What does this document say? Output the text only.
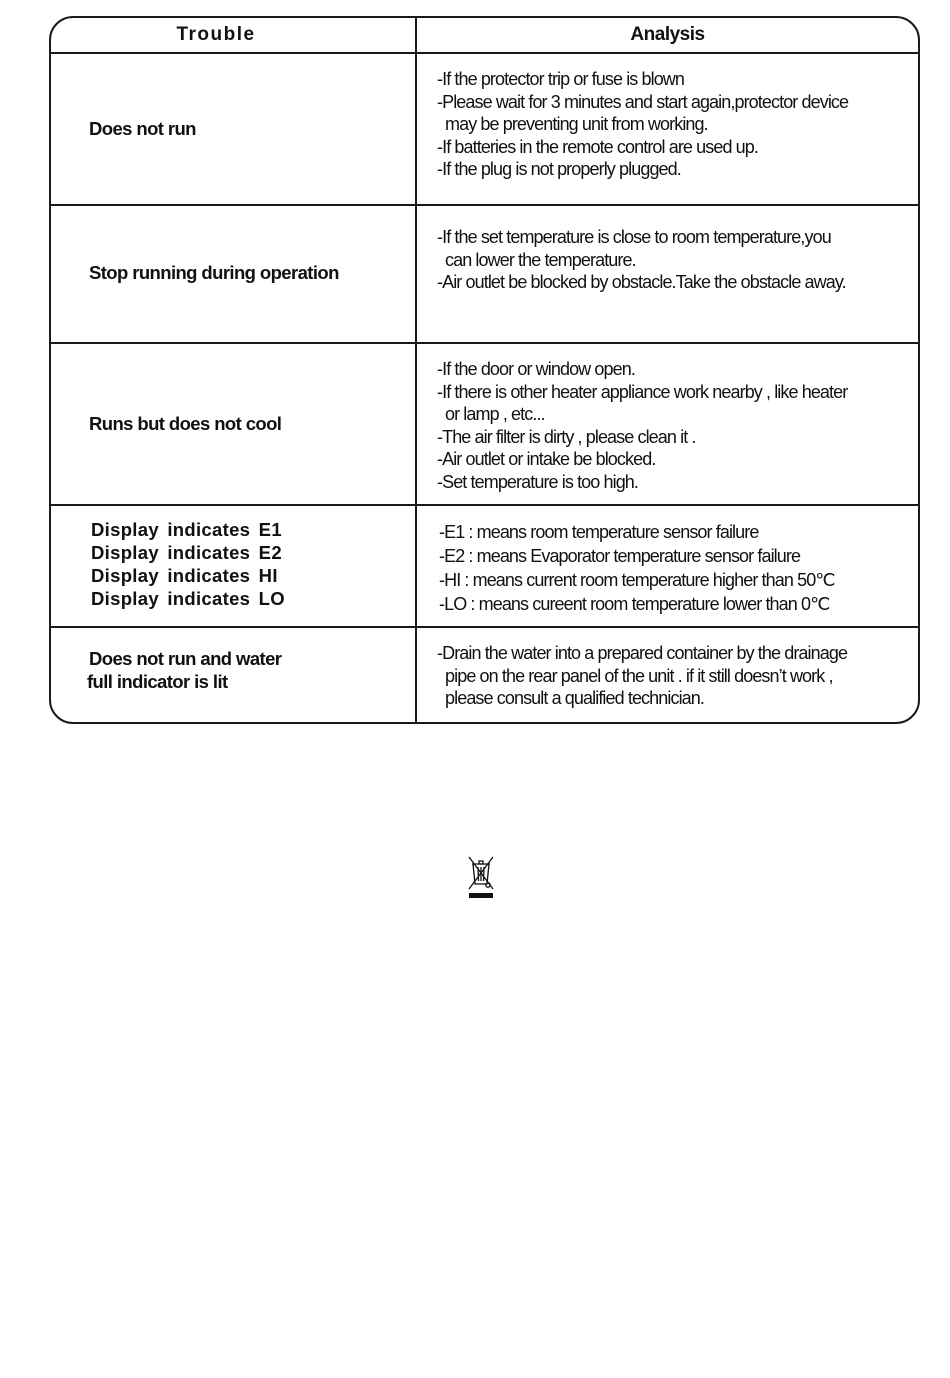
Trouble	Analysis
Does not run
-If the protector trip or fuse is blown
-Please wait for 3 minutes and start again,protector device
may be preventing unit from working.
-If batteries in the remote control are used up.
-If the plug is not properly plugged.
Stop running during operation
-If the set temperature is close to room temperature,you
can lower the temperature.
-Air outlet be blocked by obstacle.Take the obstacle away.
Runs but does not cool
-If the door or window open.
-If there is other heater appliance work nearby , like heater
or lamp , etc...
-The air filter is dirty , please clean it .
-Air outlet or intake be blocked.
-Set temperature is too high.
Display indicates E1
Display indicates E2
Display indicates HI
Display indicates LO
-E1 : means room temperature sensor failure
-E2 : means Evaporator temperature sensor failure
-HI : means current room temperature higher than 50℃
-LO : means cureent room temperature lower than 0℃
Does not run and water
full indicator is lit
-Drain the water into a prepared container by the drainage
pipe on the rear panel of the unit . if it still doesn’t work ,
please consult a qualified technician.
